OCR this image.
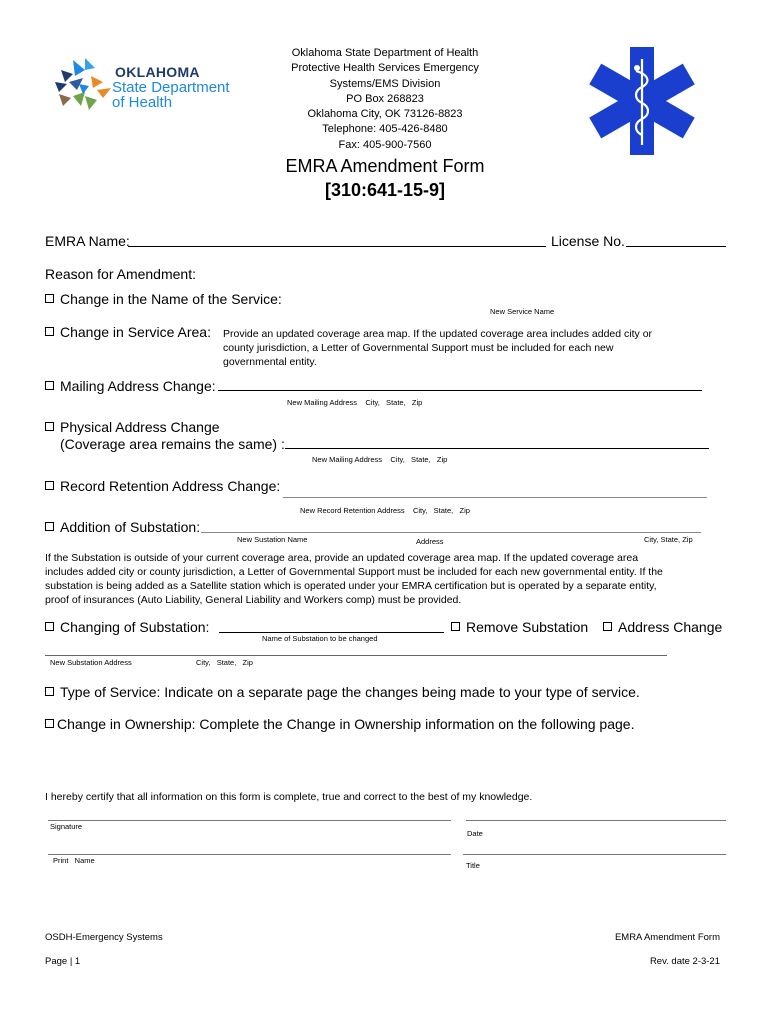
OKLAHOMA
State Department
of Health
Oklahoma State Department of Health
Protective Health Services Emergency
Systems/EMS Division
PO Box 268823
Oklahoma City, OK 73126-8823
Telephone: 405-426-8480
Fax: 405-900-7560
EMRA Amendment Form
[310:641-15-9]
EMRA Name:	License No.
Reason for Amendment:
Change in the Name of the Service:
New Service Name
Change in Service Area: Provide an updated coverage area map. If the updated coverage area includes added city or
county jurisdiction, a Letter of Governmental Support must be included for each new
governmental entity.
Mailing Address Change:
New Mailing Address    City,   State,   Zip
Physical Address Change
(Coverage area remains the same) :
New Mailing Address    City,   State,   Zip
Record Retention Address Change:
New Record Retention Address    City,   State,   Zip
Addition of Substation:
New Sustation Name	Address	City, State, Zip
If the Substation is outside of your current coverage area, provide an updated coverage area map. If the updated coverage area
includes added city or county jurisdiction, a Letter of Governmental Support must be included for each new governmental entity. If the
substation is being added as a Satellite station which is operated under your EMRA certification but is operated by a separate entity,
proof of insurances (Auto Liability, General Liability and Workers comp) must be provided.
Changing of Substation:
Name of Substation to be changed
Remove Substation	Address Change
New Substation Address	City,   State,   Zip
Type of Service: Indicate on a separate page the changes being made to your type of service.
Change in Ownership: Complete the Change in Ownership information on the following page.
I hereby certify that all information on this form is complete, true and correct to the best of my knowledge.
Signature
Date
Print   Name
Title
OSDH-Emergency Systems
Page | 1
EMRA Amendment Form
Rev. date 2-3-21
